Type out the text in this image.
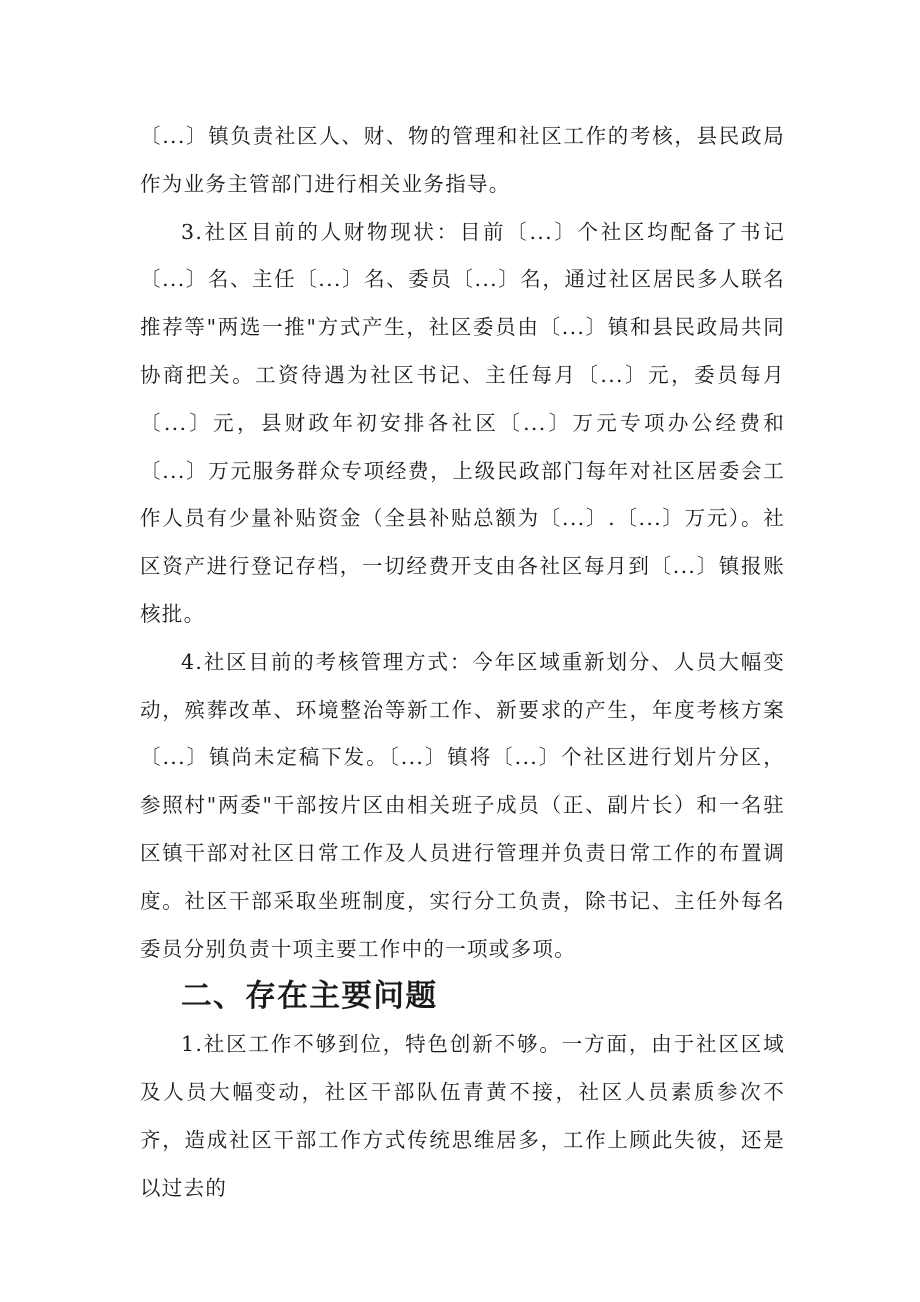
〔...〕镇负责社区人、财、物的管理和社区工作的考核，县民政局作为业务主管部门进行相关业务指导。

3.社区目前的人财物现状：目前〔...〕个社区均配备了书记〔...〕名、主任〔...〕名、委员〔...〕名，通过社区居民多人联名推荐等"两选一推"方式产生，社区委员由〔...〕镇和县民政局共同协商把关。工资待遇为社区书记、主任每月〔...〕元，委员每月〔...〕元，县财政年初安排各社区〔...〕万元专项办公经费和〔...〕万元服务群众专项经费，上级民政部门每年对社区居委会工作人员有少量补贴资金（全县补贴总额为〔...〕.〔...〕万元）。社区资产进行登记存档，一切经费开支由各社区每月到〔...〕镇报账核批。

4.社区目前的考核管理方式：今年区域重新划分、人员大幅变动，殡葬改革、环境整治等新工作、新要求的产生，年度考核方案〔...〕镇尚未定稿下发。〔...〕镇将〔...〕个社区进行划片分区，参照村"两委"干部按片区由相关班子成员（正、副片长）和一名驻区镇干部对社区日常工作及人员进行管理并负责日常工作的布置调度。社区干部采取坐班制度，实行分工负责，除书记、主任外每名委员分别负责十项主要工作中的一项或多项。

二、存在主要问题

1.社区工作不够到位，特色创新不够。一方面，由于社区区域及人员大幅变动，社区干部队伍青黄不接，社区人员素质参次不齐，造成社区干部工作方式传统思维居多，工作上顾此失彼，还是以过去的
